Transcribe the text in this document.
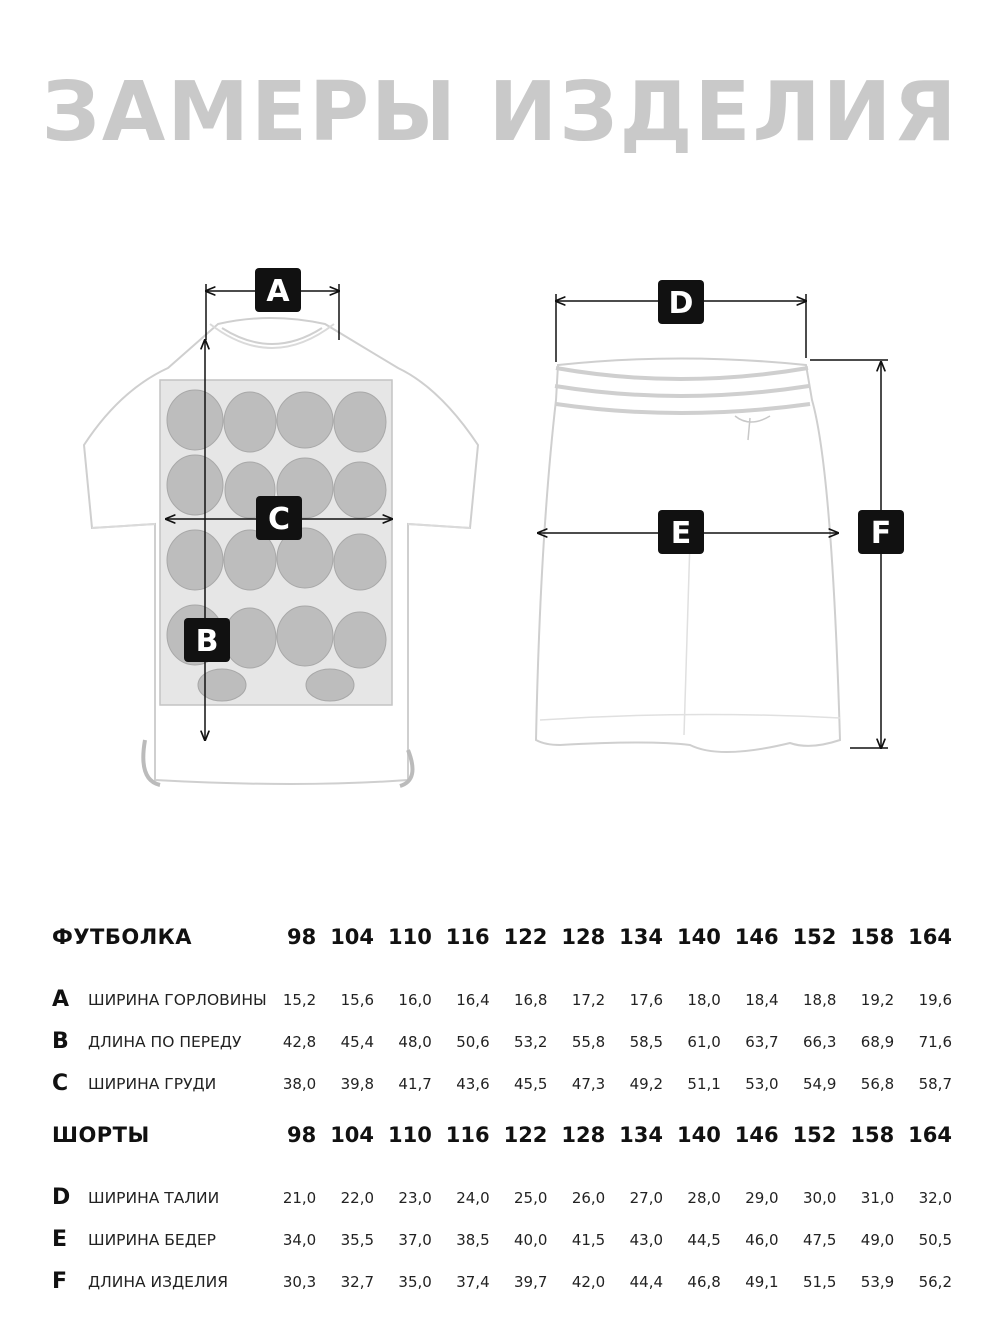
ЗАМЕРЫ ИЗДЕЛИЯ
A
B
C
D
E	F
ФУТБОЛКА	98 104 110 116 122 128 134 140 146 152 158 164
A	ШИРИНА ГОРЛОВИНЫ	15,2	15,6	16,0	16,4	16,8	17,2	17,6	18,0	18,4	18,8	19,2	19,6
B	ДЛИНА ПО ПЕРЕДУ	42,8	45,4	48,0	50,6	53,2	55,8	58,5	61,0	63,7	66,3	68,9	71,6
C	ШИРИНА ГРУДИ	38,0	39,8	41,7	43,6	45,5	47,3	49,2	51,1	53,0	54,9	56,8	58,7
ШОРТЫ	98 104 110 116 122 128 134 140 146 152 158 164
D	ШИРИНА ТАЛИИ	21,0	22,0	23,0	24,0	25,0	26,0	27,0	28,0	29,0	30,0	31,0	32,0
E	ШИРИНА БЕДЕР	34,0	35,5	37,0	38,5	40,0	41,5	43,0	44,5	46,0	47,5	49,0	50,5
F	ДЛИНА ИЗДЕЛИЯ	30,3	32,7	35,0	37,4	39,7	42,0	44,4	46,8	49,1	51,5	53,9	56,2
